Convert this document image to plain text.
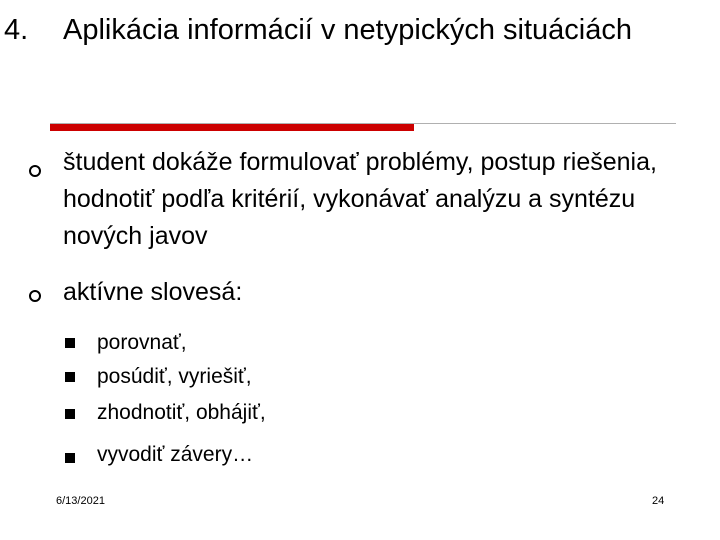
4. Aplikácia informácií v netypických situáciách
študent dokáže formulovať problémy, postup riešenia, hodnotiť podľa kritérií, vykonávať analýzu a syntézu nových javov
aktívne slovesá:
porovnať,
posúdiť, vyriešiť,
zhodnotiť, obhájiť,
vyvodiť závery…
6/13/2021	24
